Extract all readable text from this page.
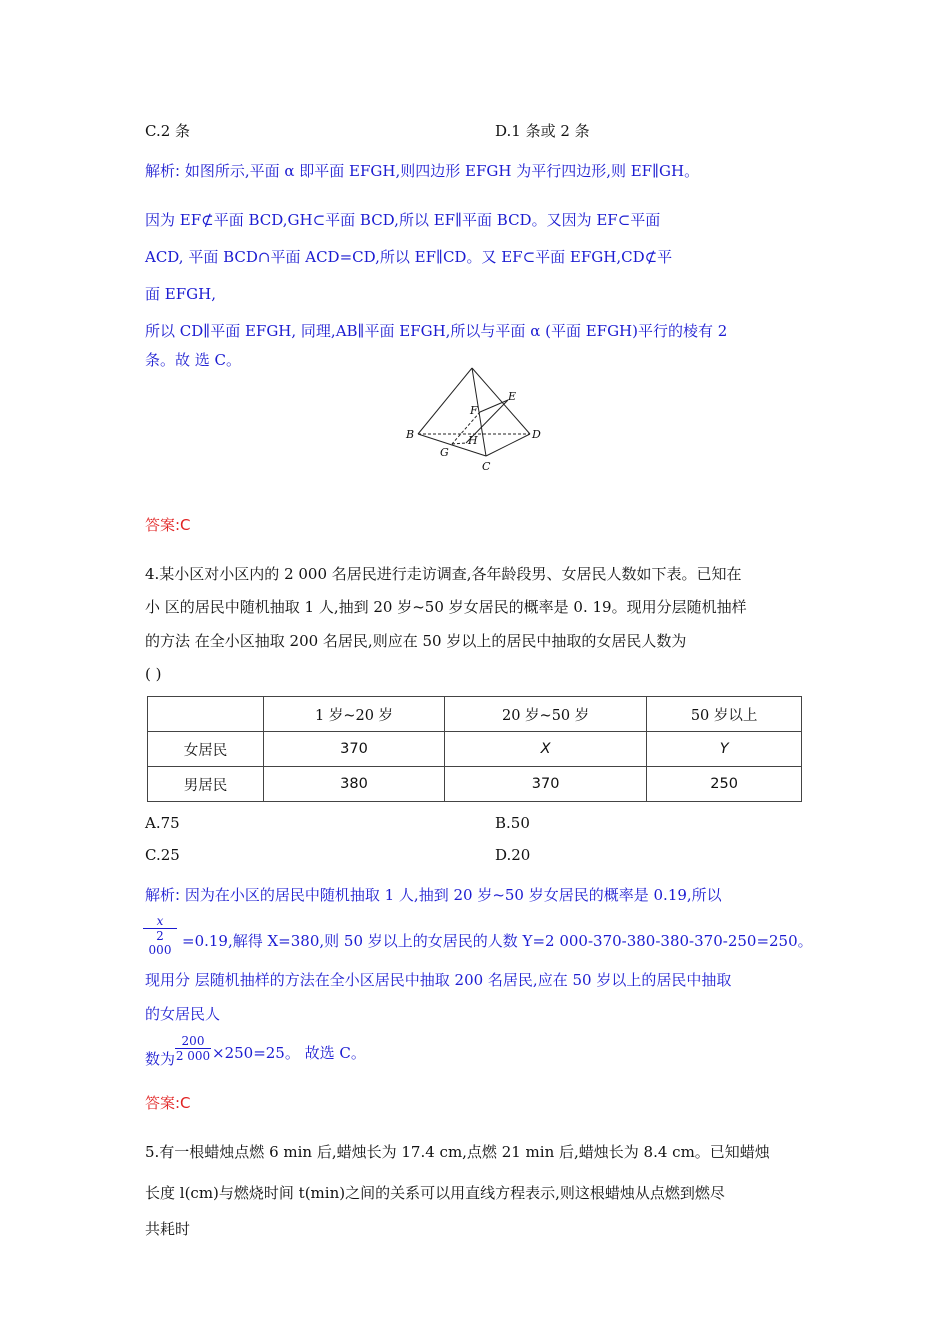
C.2 条	D.1 条或 2 条
解析: 如图所示,平面 α 即平面 EFGH,则四边形 EFGH 为平行四边形,则 EF∥GH。
因为 EF⊄平面 BCD,GH⊂平面 BCD,所以 EF∥平面 BCD。又因为 EF⊂平面
ACD, 平面 BCD∩平面 ACD=CD,所以 EF∥CD。又 EF⊂平面 EFGH,CD⊄平
面 EFGH,
所以 CD∥平面 EFGH, 同理,AB∥平面 EFGH,所以与平面 α (平面 EFGH)平行的棱有 2
条。故 选 C。
B	D
C
E
F
G
H
答案:C
4.某小区对小区内的 2 000 名居民进行走访调查,各年龄段男、女居民人数如下表。已知在
小 区的居民中随机抽取 1 人,抽到 20 岁~50 岁女居民的概率是 0. 19。现用分层随机抽样
的方法 在全小区抽取 200 名居民,则应在 50 岁以上的居民中抽取的女居民人数为
( )
	1 岁~20 岁	20 岁~50 岁	50 岁以上
女居民	370	X	Y
男居民	380	370	250
A.75	B.50
C.25	D.20
解析: 因为在小区的居民中随机抽取 1 人,抽到 20 岁~50 岁女居民的概率是 0.19,所以
$\frac{x}{2 000} =0.19$,解得 X=380,则 50 岁以上的女居民的人数 Y=2 000-370-380-380-370-250=250。
现用分 层随机抽样的方法在全小区居民中抽取 200 名居民,应在 50 岁以上的居民中抽取
的女居民人
数为 $\frac{200}{2 000} \times 250=25$。 故选 C。
答案:C
5.有一根蜡烛点燃 6 min 后,蜡烛长为 17.4 cm,点燃 21 min 后,蜡烛长为 8.4 cm。已知蜡烛
长度 l(cm)与燃烧时间 t(min)之间的关系可以用直线方程表示,则这根蜡烛从点燃到燃尽
共耗时
